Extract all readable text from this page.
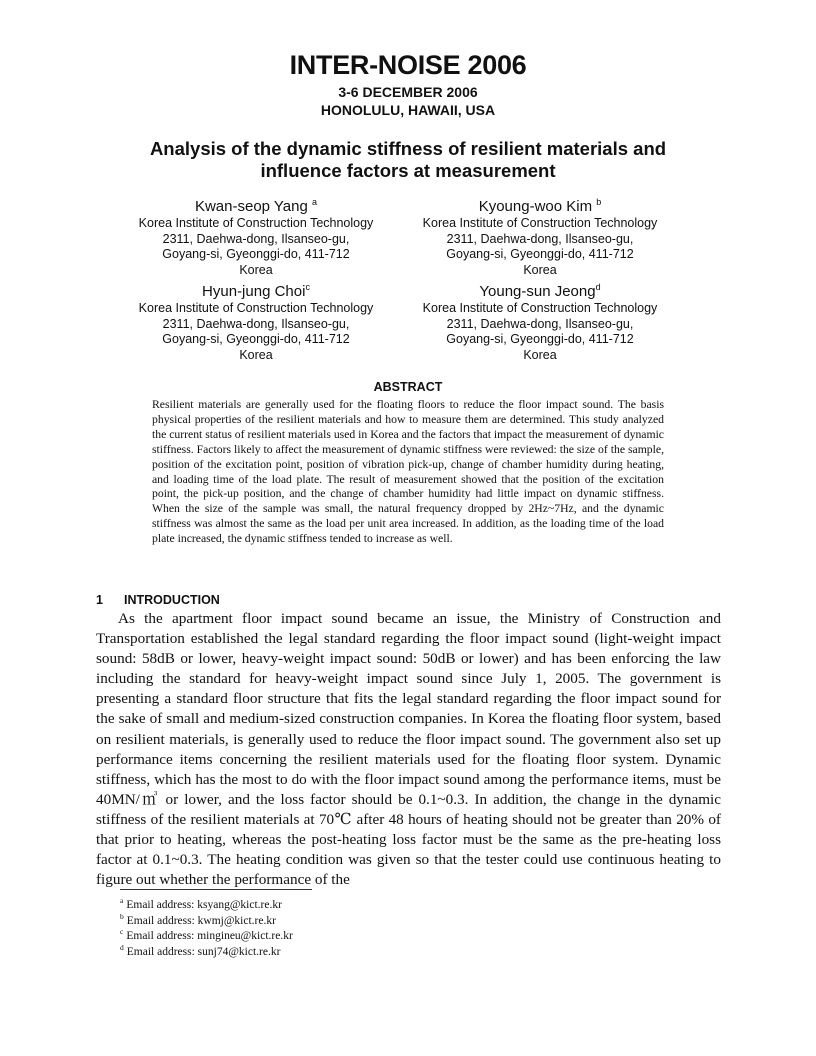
INTER-NOISE 2006
3-6 DECEMBER 2006
HONOLULU, HAWAII, USA
Analysis of the dynamic stiffness of resilient materials and
influence factors at measurement
Kwan-seop Yang $^a$
Korea Institute of Construction Technology
2311, Daehwa-dong, Ilsanseo-gu,
Goyang-si, Gyeonggi-do, 411-712
Korea
Kyoung-woo Kim $^b$
Korea Institute of Construction Technology
2311, Daehwa-dong, Ilsanseo-gu,
Goyang-si, Gyeonggi-do, 411-712
Korea
Hyun-jung Choi$^c$
Korea Institute of Construction Technology
2311, Daehwa-dong, Ilsanseo-gu,
Goyang-si, Gyeonggi-do, 411-712
Korea
Young-sun Jeong$^d$
Korea Institute of Construction Technology
2311, Daehwa-dong, Ilsanseo-gu,
Goyang-si, Gyeonggi-do, 411-712
Korea
ABSTRACT
Resilient materials are generally used for the floating floors to reduce the floor impact sound. The basis physical properties of the resilient materials and how to measure them are determined. This study analyzed the current status of resilient materials used in Korea and the factors that impact the measurement of dynamic stiffness. Factors likely to affect the measurement of dynamic stiffness were reviewed: the size of the sample, position of the excitation point, position of vibration pick-up, change of chamber humidity during heating, and loading time of the load plate. The result of measurement showed that the position of the excitation point, the pick-up position, and the change of chamber humidity had little impact on dynamic stiffness. When the size of the sample was small, the natural frequency dropped by 2Hz~7Hz, and the dynamic stiffness was almost the same as the load per unit area increased. In addition, as the loading time of the load plate increased, the dynamic stiffness tended to increase as well.
1 INTRODUCTION
As the apartment floor impact sound became an issue, the Ministry of Construction and Transportation established the legal standard regarding the floor impact sound (light-weight impact sound: 58dB or lower, heavy-weight impact sound: 50dB or lower) and has been enforcing the law including the standard for heavy-weight impact sound since July 1, 2005. The government is presenting a standard floor structure that fits the legal standard regarding the floor impact sound for the sake of small and medium-sized construction companies. In Korea the floating floor system, based on resilient materials, is generally used to reduce the floor impact sound. The government also set up performance items concerning the resilient materials used for the floating floor system. Dynamic stiffness, which has the most to do with the floor impact sound among the performance items, must be 40MN/㎥ or lower, and the loss factor should be 0.1~0.3. In addition, the change in the dynamic stiffness of the resilient materials at 70℃ after 48 hours of heating should not be greater than 20% of that prior to heating, whereas the post-heating loss factor must be the same as the pre-heating loss factor at 0.1~0.3. The heating condition was given so that the tester could use continuous heating to figure out whether the performance of the
$^a$ Email address: ksyang@kict.re.kr
$^b$ Email address: kwmj@kict.re.kr
$^c$ Email address: mingineu@kict.re.kr
$^d$ Email address: sunj74@kict.re.kr
